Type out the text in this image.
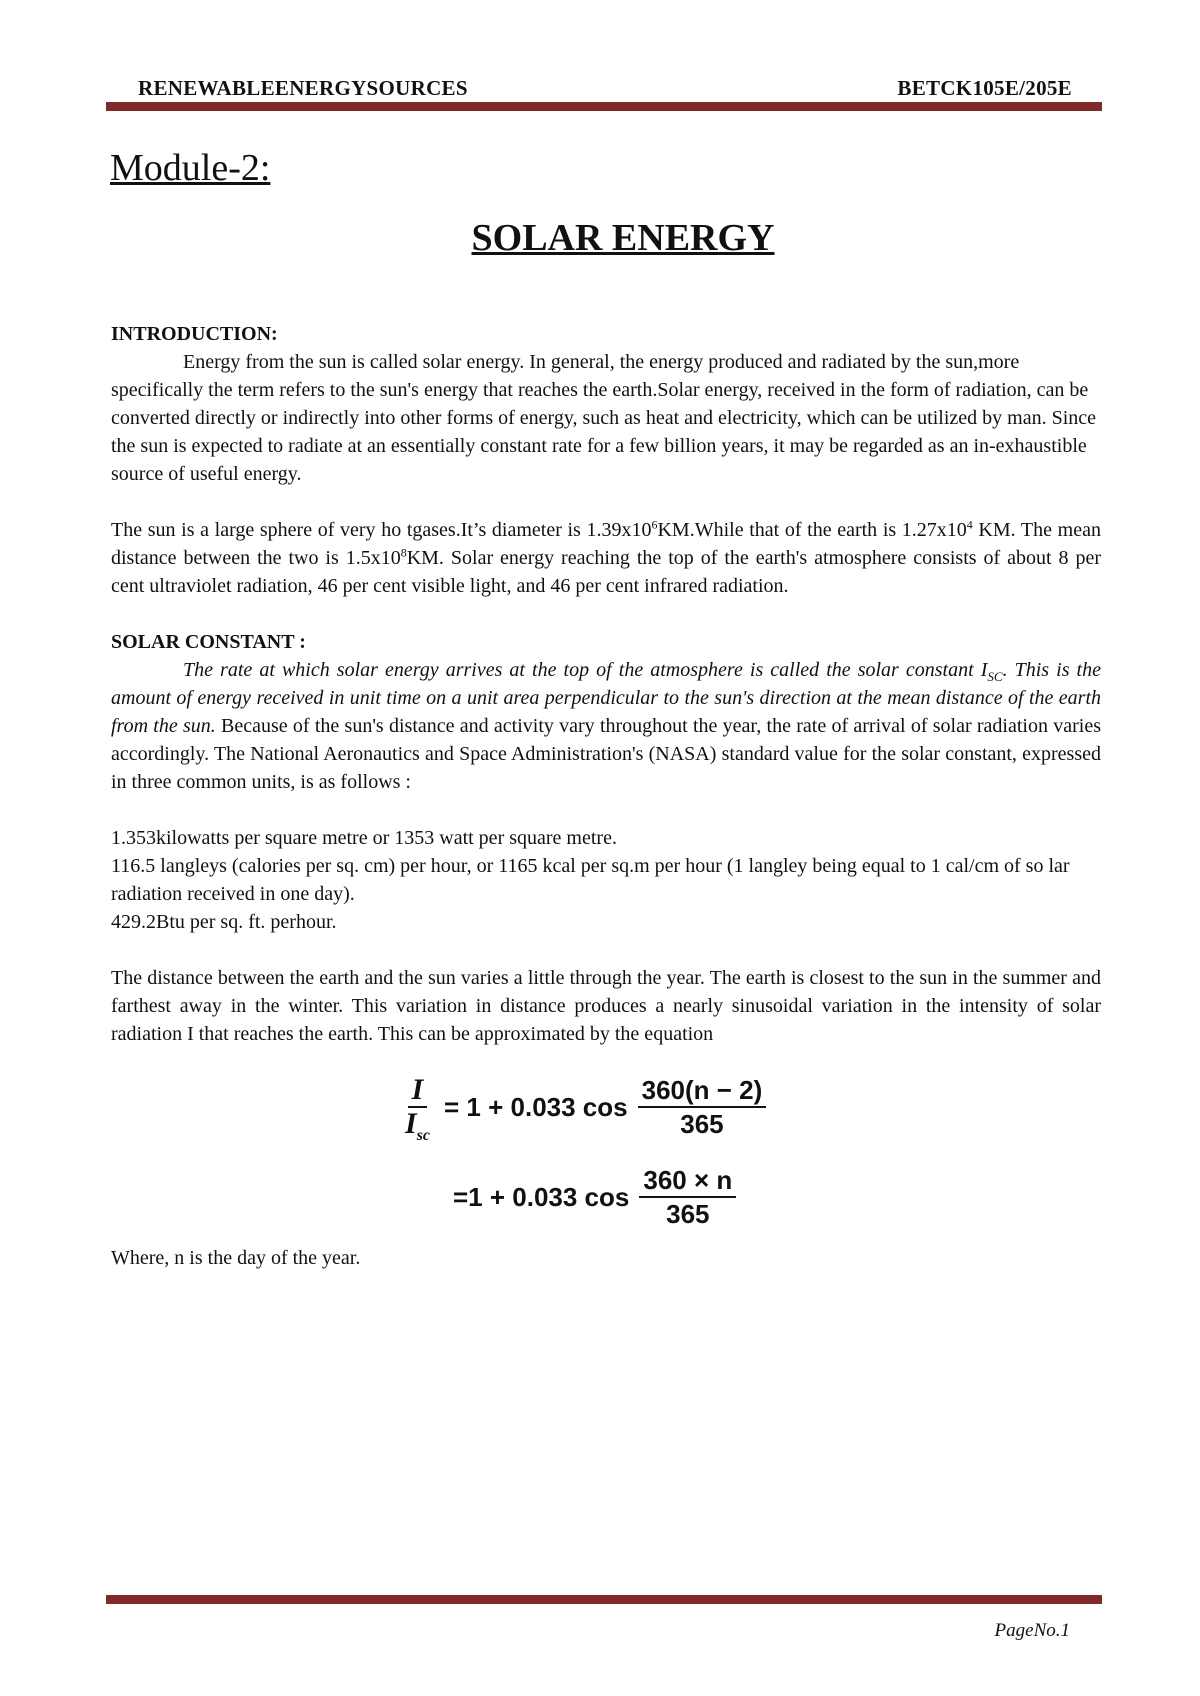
RENEWABLEENERGYSOURCES	BETCK105E/205E
Module-2:
SOLAR ENERGY

INTRODUCTION:

Energy from the sun is called solar energy. In general, the energy produced and radiated by the sun,more specifically the term refers to the sun's energy that reaches the earth.Solar energy, received in the form of radiation, can be converted directly or indirectly into other forms of energy, such as heat and electricity, which can be utilized by man. Since the sun is expected to radiate at an essentially constant rate for a few billion years, it may be regarded as an in-exhaustible source of useful energy.

The sun is a large sphere of very ho tgases.It’s diameter is $1.39x10^6KM.While$ that of the earth is $1.27x10^4$ KM. The mean distance between the two is $1.5x10^8KM$. Solar energy reaching the top of the earth's atmosphere consists of about 8 per cent ultraviolet radiation, 46 per cent visible light, and 46 per cent infrared radiation.

SOLAR CONSTANT :

The rate at which solar energy arrives at the top of the atmosphere is called the solar constant $I_{SC}$. This is the amount of energy received in unit time on a unit area perpendicular to the sun's direction at the mean distance of the earth from the sun. Because of the sun's distance and activity vary throughout the year, the rate of arrival of solar radiation varies accordingly. The National Aeronautics and Space Administration's (NASA) standard value for the solar constant, expressed in three common units, is as follows :

1.353kilowatts per square metre or 1353 watt per square metre.

116.5 langleys (calories per sq. cm) per hour, or 1165 kcal per sq.m per hour (1 langley being equal to 1 cal/cm of so lar radiation received in one day).

429.2Btu per sq. ft. perhour.

The distance between the earth and the sun varies a little through the year. The earth is closest to the sun in the summer and farthest away in the winter. This variation in distance produces a nearly sinusoidal variation in the intensity of solar radiation I that reaches the earth. This can be approximated by the equation

$\frac{I}{I_{sc}} = 1 + 0.033$ $\cos \frac{360(n - 2)}{365}$
=1 + 0.033 $\cos \frac{360 \times n}{365}$

Where, n is the day of the year.

PageNo.1
